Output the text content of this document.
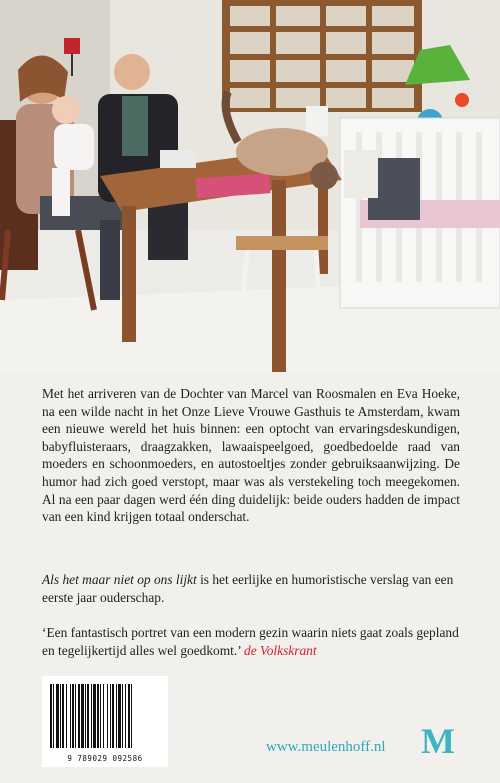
Met het arriveren van de Dochter van Marcel van Roosmalen en Eva Hoeke, na een wilde nacht in het Onze Lieve Vrouwe Gasthuis te Amsterdam, kwam een nieuwe wereld het huis binnen: een optocht van ervaringsdeskundigen, babyfluisteraars, draagzakken, lawaaispeelgoed, goedbedoelde raad van moeders en schoonmoeders, en autostoeltjes zonder gebruiksaanwijzing. De humor had zich goed verstopt, maar was als verstekeling toch meegekomen. Al na een paar dagen werd één ding duidelijk: beide ouders hadden de impact van een kind krijgen totaal onderschat.

Als het maar niet op ons lijkt is het eerlijke en humoristische verslag van een eerste jaar ouderschap.

‘Een fantastisch portret van een modern gezin waarin niets gaat zoals gepland en tegelijkertijd alles wel goedkomt.’ de Volkskrant

9 789029 092586
www.meulenhoff.nl M
